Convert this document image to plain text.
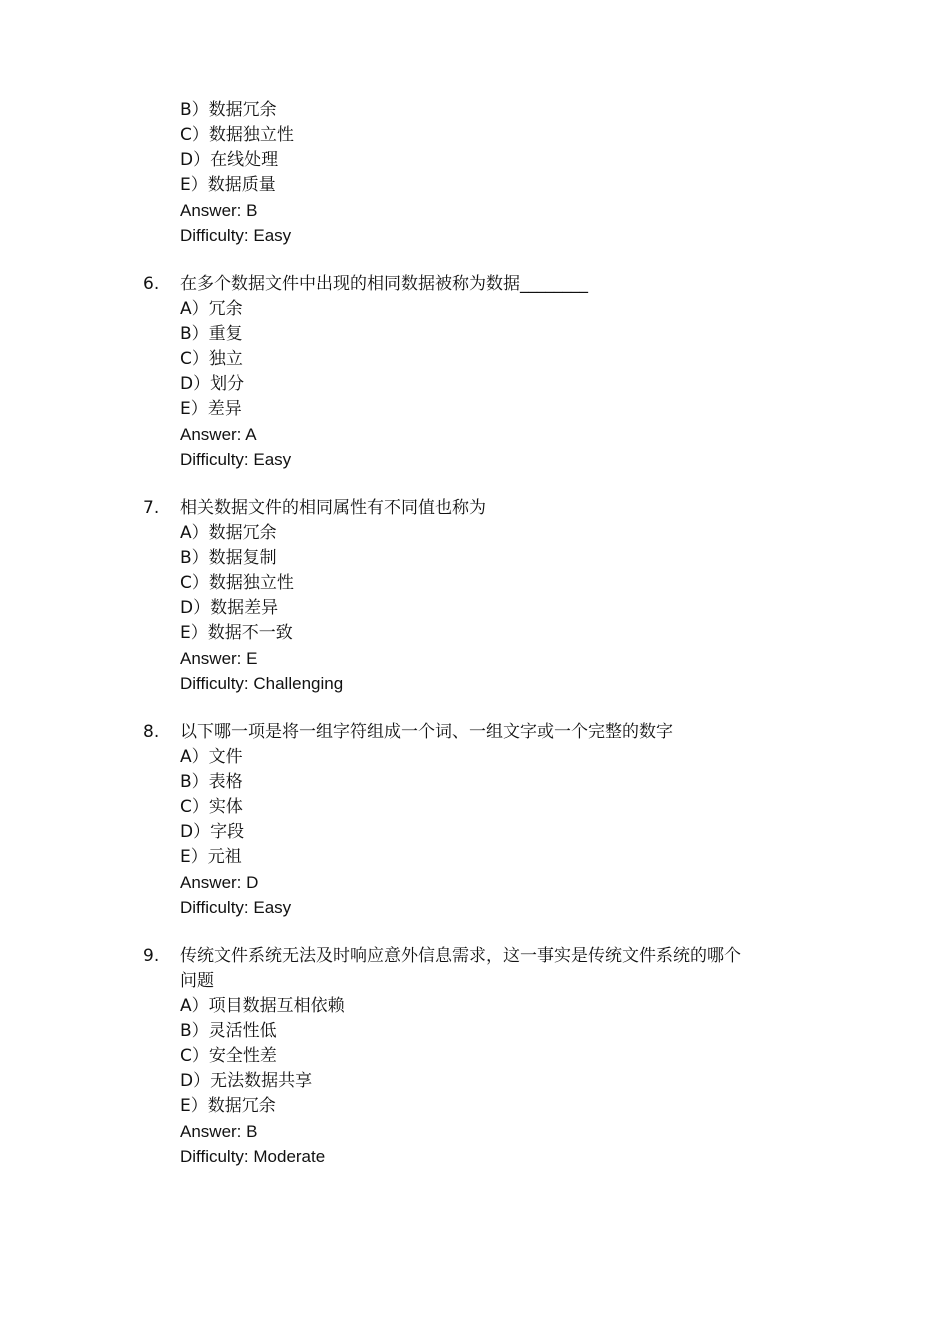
B）数据冗余
C）数据独立性
D）在线处理
E）数据质量
Answer: B
Difficulty: Easy
6. 在多个数据文件中出现的相同数据被称为数据________
A）冗余
B）重复
C）独立
D）划分
E）差异
Answer: A
Difficulty: Easy
7. 相关数据文件的相同属性有不同值也称为
A）数据冗余
B）数据复制
C）数据独立性
D）数据差异
E）数据不一致
Answer: E
Difficulty: Challenging
8. 以下哪一项是将一组字符组成一个词、一组文字或一个完整的数字
A）文件
B）表格
C）实体
D）字段
E）元祖
Answer: D
Difficulty: Easy
9. 传统文件系统无法及时响应意外信息需求，这一事实是传统文件系统的哪个
问题
A）项目数据互相依赖
B）灵活性低
C）安全性差
D）无法数据共享
E）数据冗余
Answer: B
Difficulty: Moderate
